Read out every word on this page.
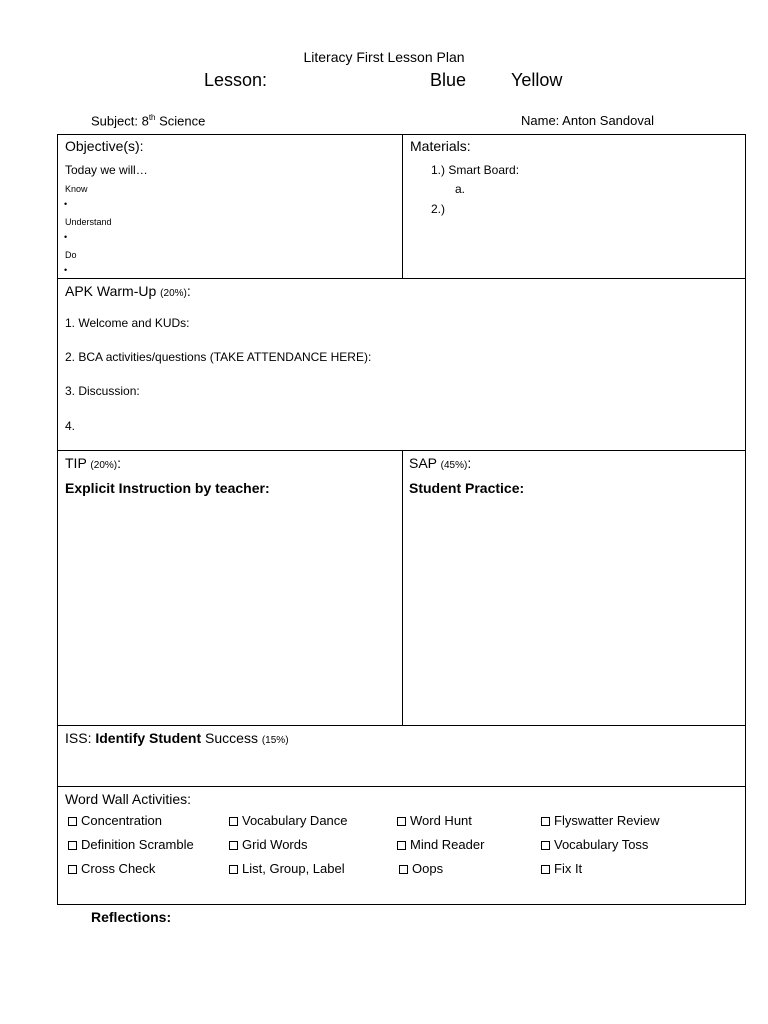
Literacy First Lesson Plan
Lesson:	Blue Yellow
Subject: 8th Science	Name: Anton Sandoval
Objective(s):
Today we will…
Know
•
Understand
•
Do
•
Materials:
1.) Smart Board:
a.
2.)
APK Warm-Up (20%):
1. Welcome and KUDs:
2. BCA activities/questions (TAKE ATTENDANCE HERE):
3. Discussion:
4.
TIP (20%):
Explicit Instruction by teacher:
SAP (45%):
Student Practice:
ISS: Identify Student Success (15%)
Word Wall Activities:
Concentration	Vocabulary Dance	Word Hunt	Flyswatter Review
Definition Scramble	Grid Words	Mind Reader	Vocabulary Toss
Cross Check	List, Group, Label	Oops	Fix It
Reflections:
